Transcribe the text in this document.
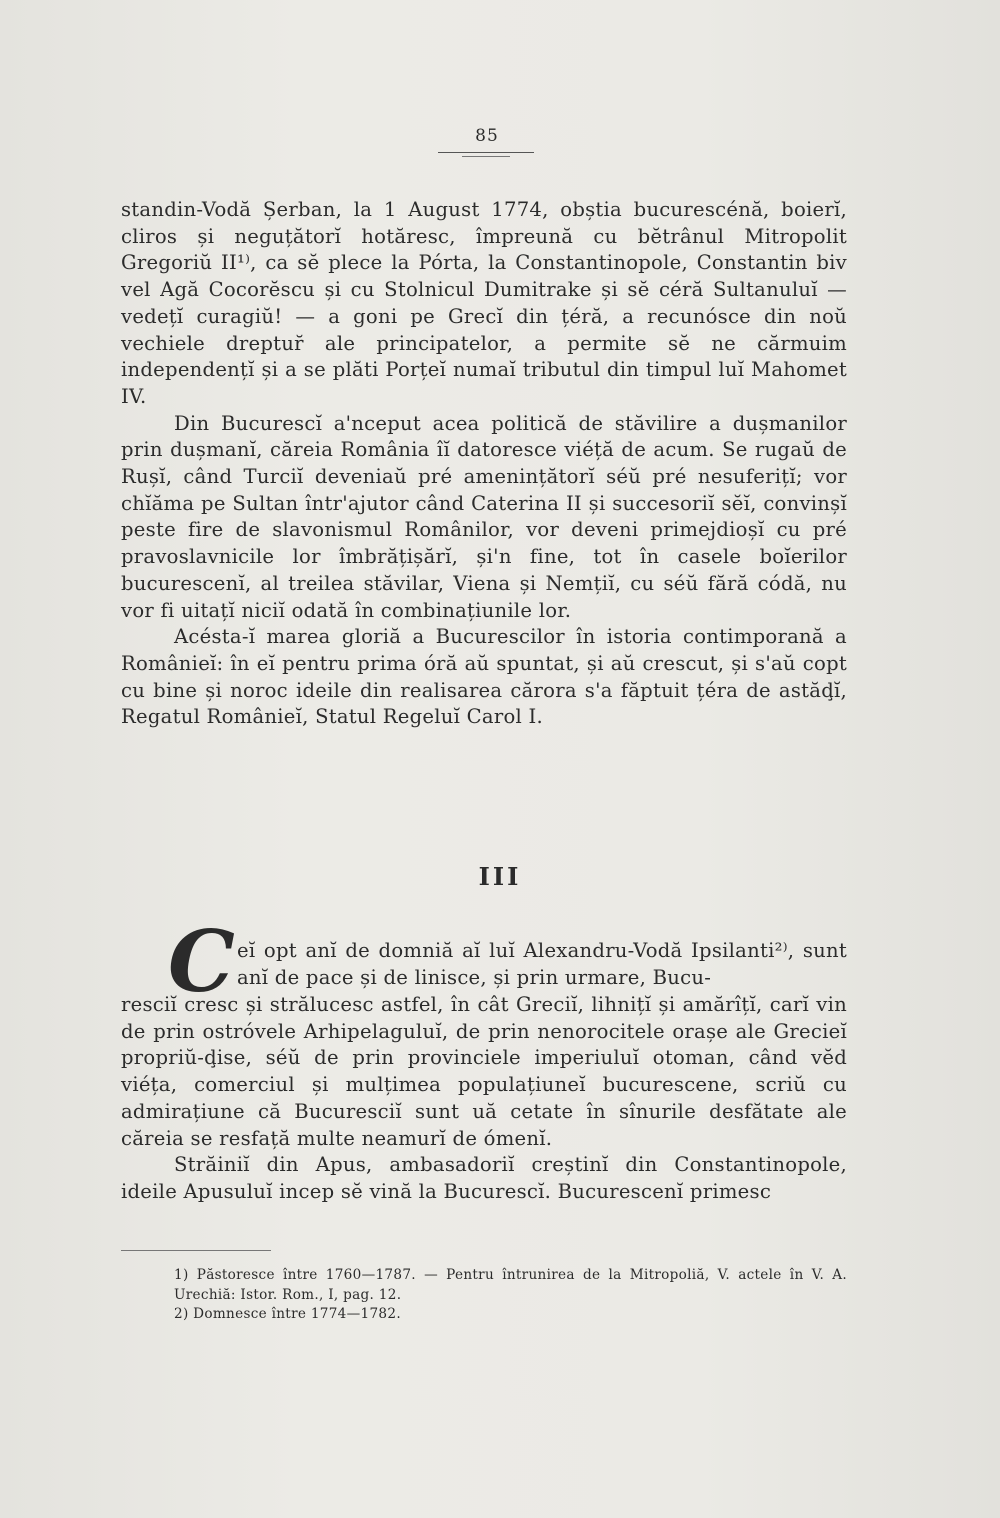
85

standin-Vodă Șerban, la 1 August 1774, obștia bucurescénă, boierĭ, cliros și neguțătorĭ hotăresc, împreună cu bĕtrânul Mitropolit Gregoriŭ II¹⁾, ca sĕ plece la Pórta, la Constantinopole, Constantin biv vel Agă Cocorĕscu și cu Stolnicul Dumitrake și sĕ céră Sultanuluĭ — vedețĭ curagiŭ! — a goni pe Grecĭ din țéră, a recunósce din noŭ vechiele dreptur̆ ale principatelor, a permite sĕ ne cărmuim independențĭ și a se plăti Porțeĭ numaĭ tributul din timpul luĭ Mahomet IV.

Din Bucurescĭ a'nceput acea politică de stăvilire a dușmanilor prin dușmanĭ, căreia România îĭ datoresce viéță de acum. Se rugaŭ de Rușĭ, când Turciĭ deveniaŭ pré amenințătorĭ séŭ pré nesuferițĭ; vor chĭăma pe Sultan într'ajutor când Caterina II și succesoriĭ sĕĭ, convinșĭ peste fire de slavonismul Românilor, vor deveni primejdioșĭ cu pré pravoslavnicile lor îmbrățișărĭ, și'n fine, tot în casele boĭerilor bucurescenĭ, al treilea stăvilar, Viena și Nemțiĭ, cu séŭ fără códă, nu vor fi uitațĭ niciĭ odată în combinațiunile lor.

Acésta-ĭ marea gloriă a Bucurescilor în istoria contimporană a Românieĭ: în eĭ pentru prima óră aŭ spuntat, și aŭ crescut, și s'aŭ copt cu bine și noroc ideile din realisarea cărora s'a făptuit țéra de astăḑĭ, Regatul Românieĭ, Statul Regeluĭ Carol I.

III
C eĭ opt anĭ de domniă aĭ luĭ Alexandru-Vodă Ipsilanti²⁾, sunt anĭ de pace și de linisce, și prin urmare, Bucu-

resciĭ cresc și strălucesc astfel, în cât Greciĭ, lihnițĭ și amărîțĭ, carĭ vin de prin ostróvele Arhipelaguluĭ, de prin nenorocitele orașe ale Grecieĭ propriŭ-ḑise, séŭ de prin provinciele imperiuluĭ otoman, când vĕd viéța, comerciul și mulțimea populațiuneĭ bucurescene, scriŭ cu admirațiune că Bucuresciĭ sunt uă cetate în sînurile desfătate ale căreia se resfață multe neamurĭ de ómenĭ.

Străiniĭ din Apus, ambasadoriĭ creștinĭ din Constantinopole, ideile Apusuluĭ incep sĕ vină la Bucurescĭ. Bucurescenĭ primesc

1) Păstoresce între 1760—1787. — Pentru întrunirea de la Mitropoliă, V. actele în V. A. Urechiă: Istor. Rom., I, pag. 12.

2) Domnesce între 1774—1782.
